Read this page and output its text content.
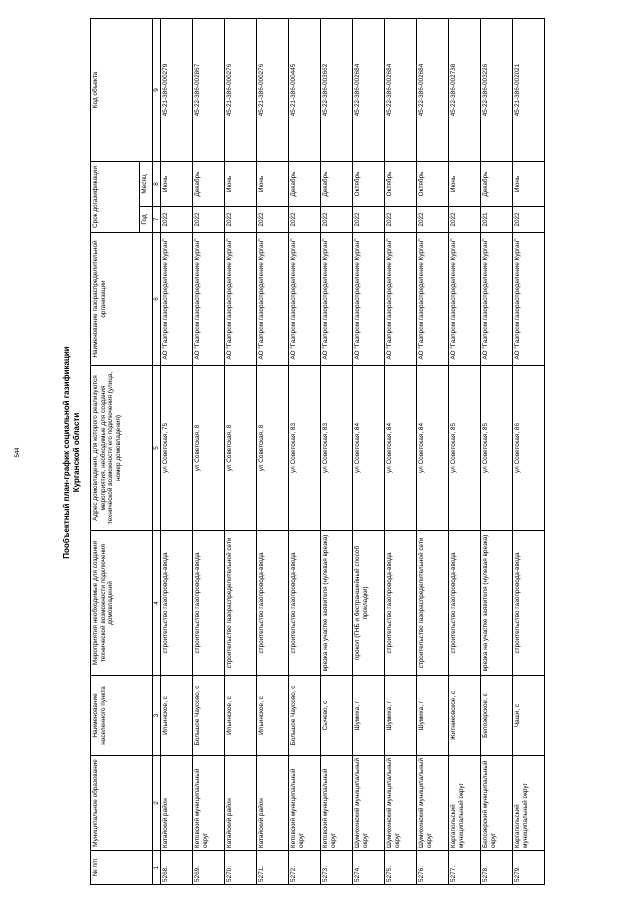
544	Пообъектный план-график социальной газификации Курганской области
№ п/п	Муниципальное образование	Наименование населенного пункта	Мероприятия необходимые для создания технической возможности подключения домовладений	Адрес домовладения, для которого реализуются мероприятия, необходимые для создания технической возможности его подключения (улица, номер домовладения)	Наименование газораспределительной организации	Срок догазификации		Код объекта
						Год	Месяц	
1	2	3	4	5	6	7	8	9
5268.	Катайский район	Ильинское, с	строительство газопровода-ввода	ул Советская, 75	АО "Газпром газораспределение Курган"	2022	Июнь	45-21-386-000279
5269.	Кетовский муниципальный округ	Большое Чаусово, с	строительство газопровода-ввода	ул Советская, 8	АО "Газпром газораспределение Курган"	2022	Декабрь	45-22-386-002867
5270.	Катайский район	Ильинское, с	строительство газораспределительной сети	ул Советская, 8	АО "Газпром газораспределение Курган"	2022	Июнь	45-21-386-000276
5271.	Катайский район	Ильинское, с	строительство газопровода-ввода	ул Советская, 8	АО "Газпром газораспределение Курган"	2022	Июнь	45-21-386-000276
5272.	Кетовский муниципальный округ	Большое Чаусово, с	строительство газопровода-ввода	ул Советская, 83	АО "Газпром газораспределение Курган"	2022	Декабрь	45-21-386-000445
5273.	Кетовский муниципальный округ	Сычево, с	врезка на участке заявителя (нулевая врезка)	ул Советская, 83	АО "Газпром газораспределение Курган"	2022	Декабрь	45-22-386-003662
5274.	Шумихинский муниципальный округ	Шумиха, г	прокол (ГНБ и бестраншейный способ прокладки)	ул Советская, 84	АО "Газпром газораспределение Курган"	2022	Октябрь	45-22-386-002684
5275.	Шумихинский муниципальный округ	Шумиха, г	строительство газопровода-ввода	ул Советская, 84	АО "Газпром газораспределение Курган"	2022	Октябрь	45-22-386-002684
5276.	Шумихинский муниципальный округ	Шумиха, г	строительство газораспределительной сети	ул Советская, 84	АО "Газпром газораспределение Курган"	2022	Октябрь	45-22-386-002684
5277.	Каргапольский муниципальный округ	Житниковское, с	строительство газопровода-ввода	ул Советская, 85	АО "Газпром газораспределение Курган"	2022	Июнь	45-22-386-002738
5278.	Белозерский муниципальный округ	Белозерское, с	врезка на участке заявителя (нулевая врезка)	ул Советская, 85	АО "Газпром газораспределение Курган"	2021	Декабрь	45-22-386-003226
5279.	Каргапольский муниципальный округ	Чаши, с	строительство газопровода-ввода	ул Советская, 86	АО "Газпром газораспределение Курган"	2022	Июнь	45-21-386-002021
